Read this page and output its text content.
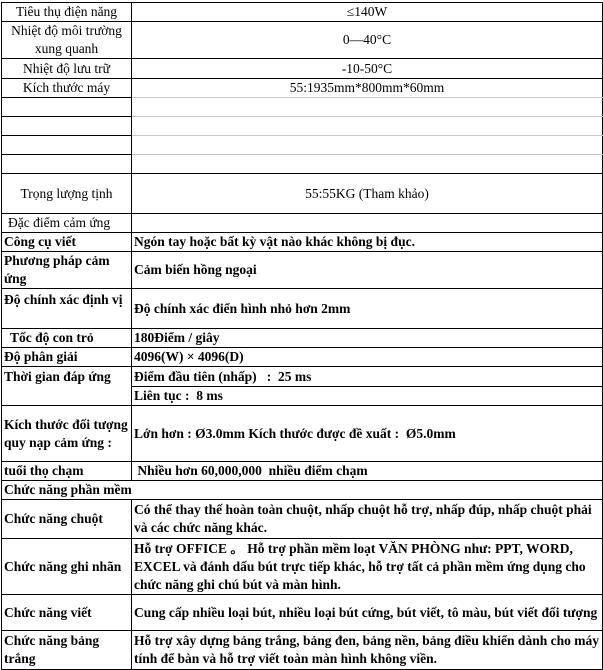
Tiêu thụ điện năng	≤140W
Nhiệt độ môi trường xung quanh	0—40°C
Nhiệt độ lưu trữ	-10-50°C
Kích thước máy	55:1935mm*800mm*60mm

Trọng lượng tịnh	55:55KG (Tham khảo)
Đặc điểm cảm ứng	
Công cụ viết	Ngón tay hoặc bất kỳ vật nào khác không bị đục.
Phương pháp cảm ứng	Cảm biến hồng ngoại
Độ chính xác định vị	Độ chính xác điển hình nhỏ hơn 2mm
Tốc độ con trỏ	180Điểm / giây
Độ phân giải	4096(W) × 4096(D)
Thời gian đáp ứng	Điểm đầu tiên (nhấp)   :  25 ms
	Liên tục :  8 ms
Kích thước đối tượng quy nạp cảm ứng :	Lớn hơn : Ø3.0mm Kích thước được đề xuất :  Ø5.0mm
tuổi thọ chạm	Nhiều hơn 60,000,000  nhiều điểm chạm
Chức năng phần mềm	
Chức năng chuột	Có thể thay thế hoàn toàn chuột, nhấp chuột hỗ trợ, nhấp đúp, nhấp chuột phải và các chức năng khác.
Chức năng ghi nhãn	Hỗ trợ OFFICE 。 Hỗ trợ phần mềm loạt VĂN PHÒNG như: PPT, WORD, EXCEL và đánh dấu bút trực tiếp khác, hỗ trợ tất cả phần mềm ứng dụng cho chức năng ghi chú bút và màn hình.
Chức năng viết	Cung cấp nhiều loại bút, nhiều loại bút cứng, bút viết, tô màu, bút viết đối tượng
Chức năng bảng trắng	Hỗ trợ xây dựng bảng trắng, bảng đen, bảng nền, bảng điều khiển dành cho máy tính để bàn và hỗ trợ viết toàn màn hình không viền.
